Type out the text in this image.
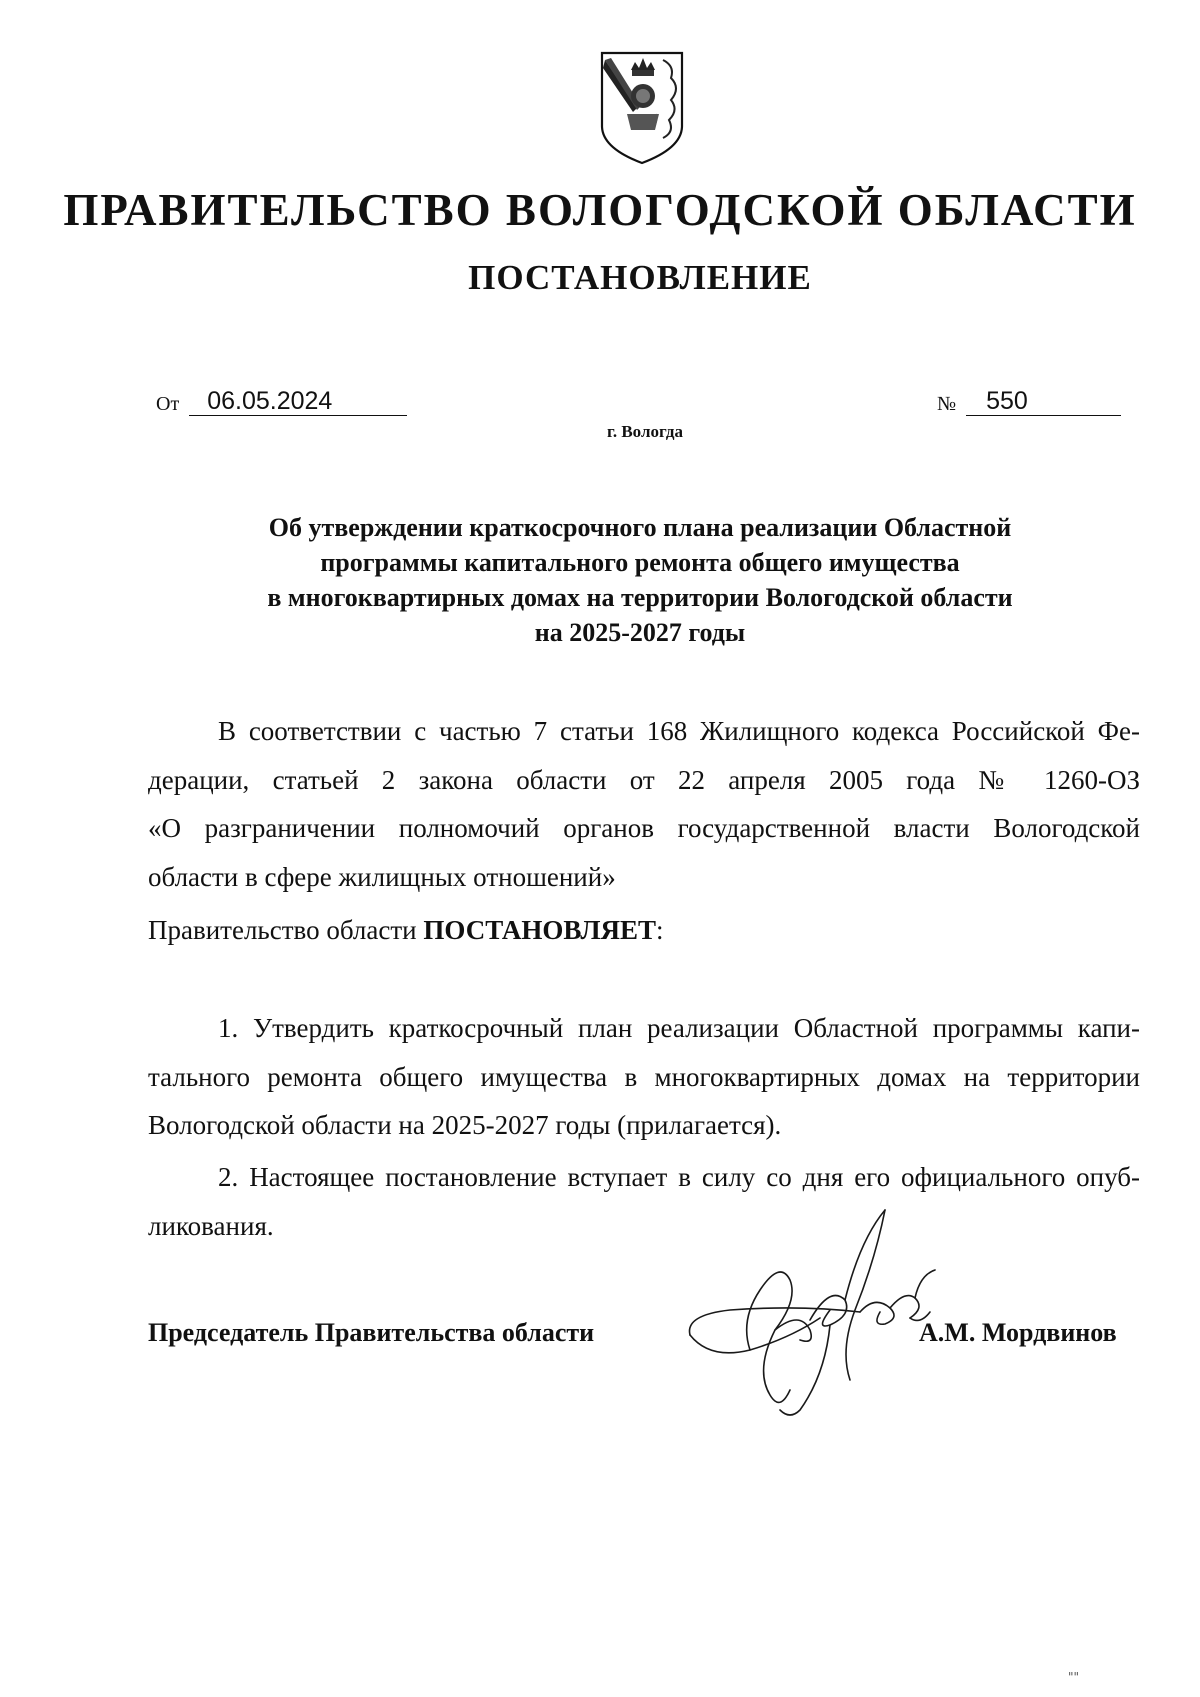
ПРАВИТЕЛЬСТВО ВОЛОГОДСКОЙ ОБЛАСТИ
ПОСТАНОВЛЕНИЕ
От	06.05.2024	№	550
г. Вологда
Об утверждении краткосрочного плана реализации Областной
программы капитального ремонта общего имущества
в многоквартирных домах на территории Вологодской области
на 2025-2027 годы
В соответствии с частью 7 статьи 168 Жилищного кодекса Российской Фе-
дерации, статьей 2 закона области от 22 апреля 2005 года № 1260-ОЗ
«О разграничении полномочий органов государственной власти Вологодской
области в сфере жилищных отношений»
Правительство области ПОСТАНОВЛЯЕТ:
1. Утвердить краткосрочный план реализации Областной программы капи-
тального ремонта общего имущества в многоквартирных домах на территории
Вологодской области на 2025-2027 годы (прилагается).
2. Настоящее постановление вступает в силу со дня его официального опуб-
ликования.
Председатель Правительства области	А.М. Мордвинов
""
